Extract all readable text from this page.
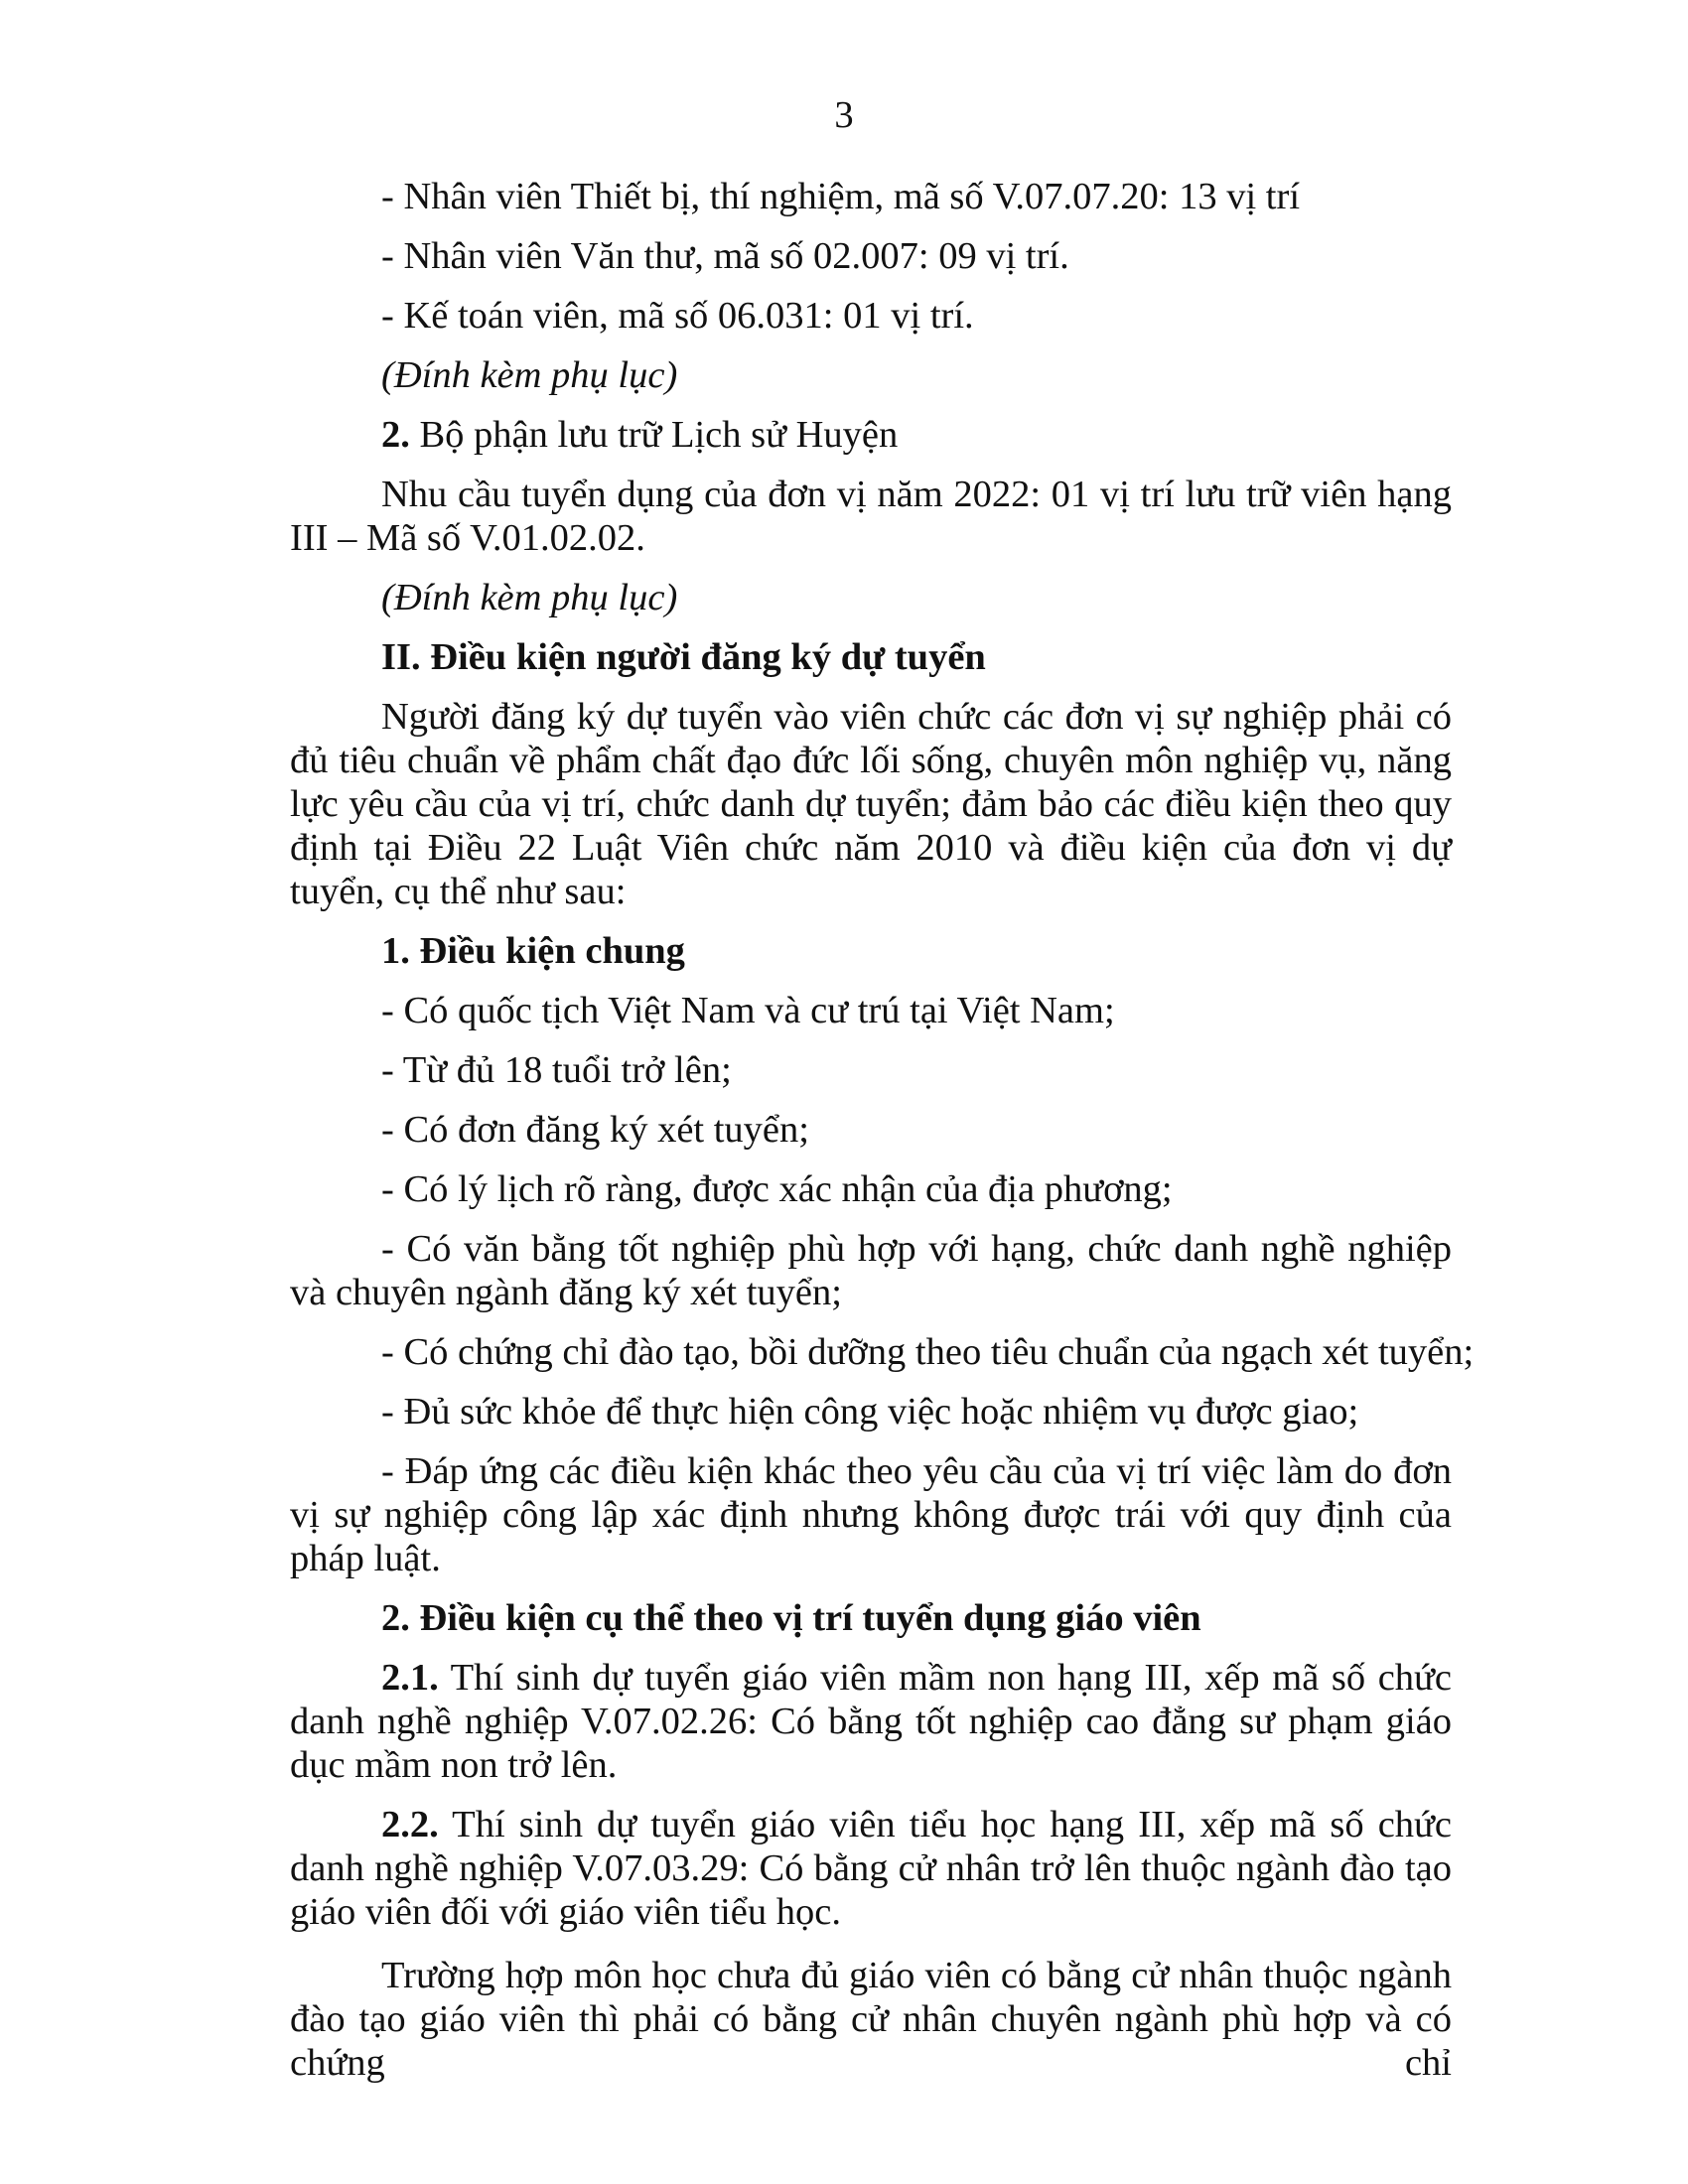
3
- Nhân viên Thiết bị, thí nghiệm, mã số V.07.07.20: 13 vị trí
- Nhân viên Văn thư, mã số 02.007: 09 vị trí.
- Kế toán viên, mã số 06.031: 01 vị trí.
(Đính kèm phụ lục)
2. Bộ phận lưu trữ Lịch sử Huyện
Nhu cầu tuyển dụng của đơn vị năm 2022: 01 vị trí lưu trữ viên hạng III – Mã số V.01.02.02.
(Đính kèm phụ lục)
II. Điều kiện người đăng ký dự tuyển
Người đăng ký dự tuyển vào viên chức các đơn vị sự nghiệp phải có đủ tiêu chuẩn về phẩm chất đạo đức lối sống, chuyên môn nghiệp vụ, năng lực yêu cầu của vị trí, chức danh dự tuyển; đảm bảo các điều kiện theo quy định tại Điều 22 Luật Viên chức năm 2010 và điều kiện của đơn vị dự tuyển, cụ thể như sau:
1. Điều kiện chung
- Có quốc tịch Việt Nam và cư trú tại Việt Nam;
- Từ đủ 18 tuổi trở lên;
- Có đơn đăng ký xét tuyển;
- Có lý lịch rõ ràng, được xác nhận của địa phương;
- Có văn bằng tốt nghiệp phù hợp với hạng, chức danh nghề nghiệp và chuyên ngành đăng ký xét tuyển;
- Có chứng chỉ đào tạo, bồi dưỡng theo tiêu chuẩn của ngạch xét tuyển;
- Đủ sức khỏe để thực hiện công việc hoặc nhiệm vụ được giao;
- Đáp ứng các điều kiện khác theo yêu cầu của vị trí việc làm do đơn vị sự nghiệp công lập xác định nhưng không được trái với quy định của pháp luật.
2. Điều kiện cụ thể theo vị trí tuyển dụng giáo viên
2.1. Thí sinh dự tuyển giáo viên mầm non hạng III, xếp mã số chức danh nghề nghiệp V.07.02.26: Có bằng tốt nghiệp cao đẳng sư phạm giáo dục mầm non trở lên.
2.2. Thí sinh dự tuyển giáo viên tiểu học hạng III, xếp mã số chức danh nghề nghiệp V.07.03.29: Có bằng cử nhân trở lên thuộc ngành đào tạo giáo viên đối với giáo viên tiểu học.
Trường hợp môn học chưa đủ giáo viên có bằng cử nhân thuộc ngành đào tạo giáo viên thì phải có bằng cử nhân chuyên ngành phù hợp và có chứng chỉ
